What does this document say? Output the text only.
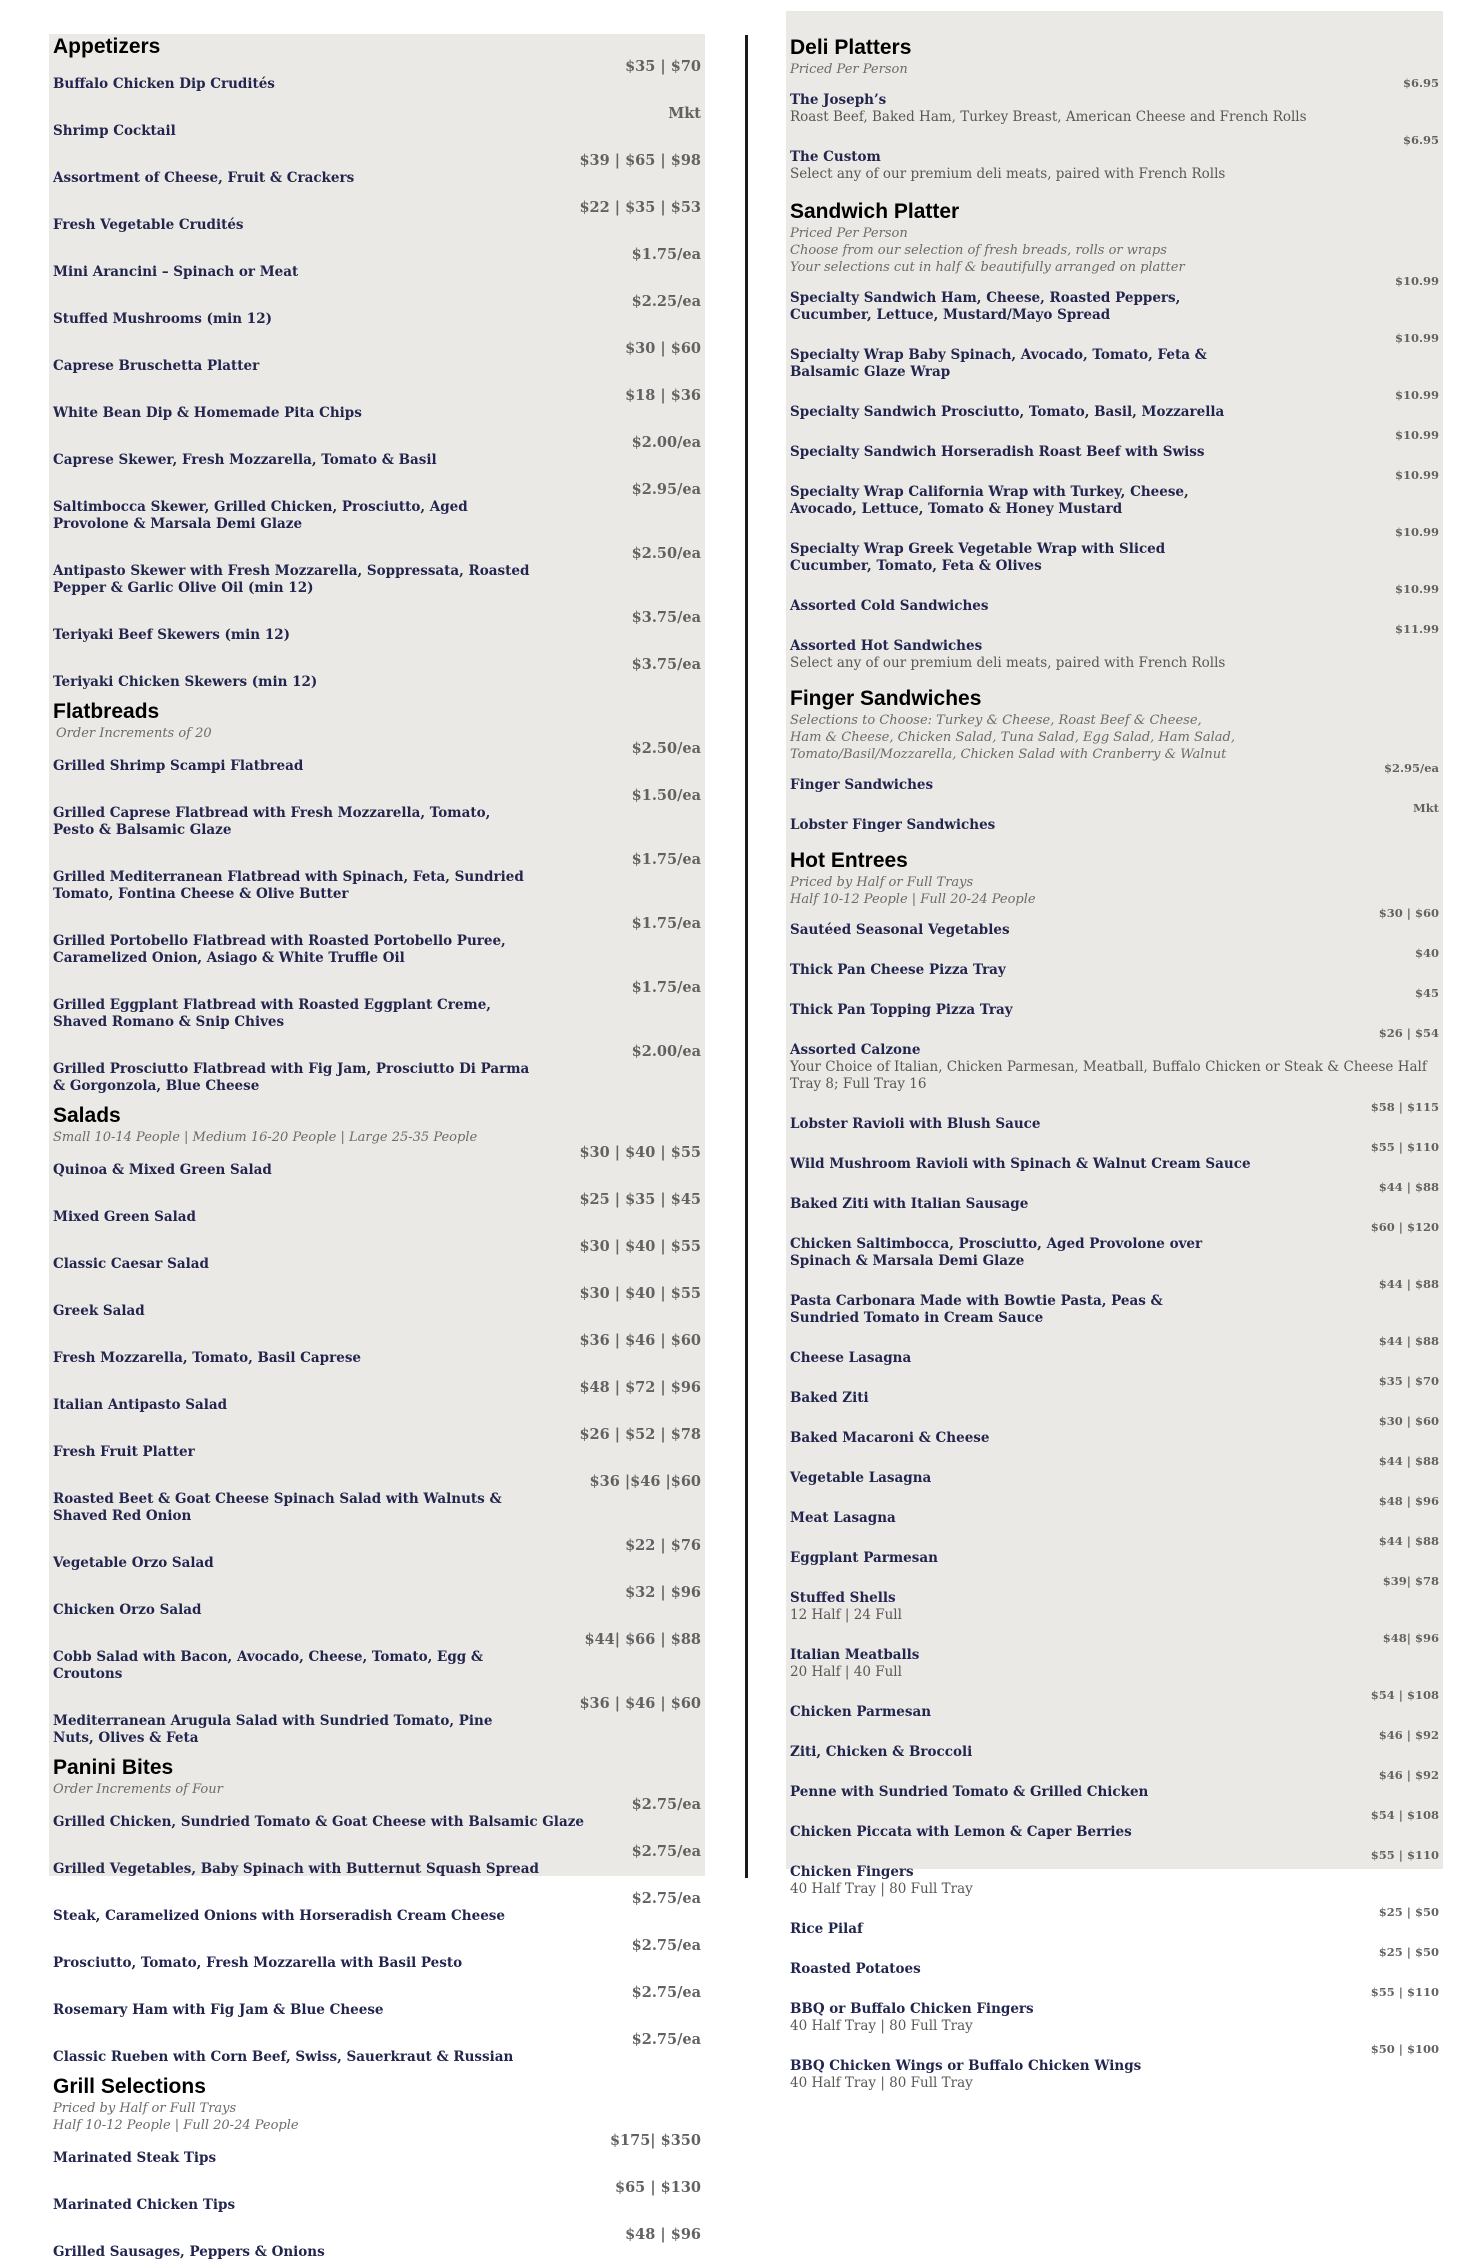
Appetizers
$35 | $70
Buffalo Chicken Dip Crudités
Mkt
Shrimp Cocktail
$39 | $65 | $98
Assortment of Cheese, Fruit & Crackers
$22 | $35 | $53
Fresh Vegetable Crudités
$1.75/ea
Mini Arancini – Spinach or Meat
$2.25/ea
Stuffed Mushrooms (min 12)
$30 | $60
Caprese Bruschetta Platter
$18 | $36
White Bean Dip & Homemade Pita Chips
$2.00/ea
Caprese Skewer, Fresh Mozzarella, Tomato & Basil
$2.95/ea
Saltimbocca Skewer, Grilled Chicken, Prosciutto, Aged Provolone & Marsala Demi Glaze
$2.50/ea
Antipasto Skewer with Fresh Mozzarella, Soppressata, Roasted Pepper & Garlic Olive Oil (min 12)
$3.75/ea
Teriyaki Beef Skewers (min 12)
$3.75/ea
Teriyaki Chicken Skewers (min 12)
Flatbreads
Order Increments of 20
$2.50/ea
Grilled Shrimp Scampi Flatbread
$1.50/ea
Grilled Caprese Flatbread with Fresh Mozzarella, Tomato, Pesto & Balsamic Glaze
$1.75/ea
Grilled Mediterranean Flatbread with Spinach, Feta, Sundried Tomato, Fontina Cheese & Olive Butter
$1.75/ea
Grilled Portobello Flatbread with Roasted Portobello Puree, Caramelized Onion, Asiago & White Truffle Oil
$1.75/ea
Grilled Eggplant Flatbread with Roasted Eggplant Creme, Shaved Romano & Snip Chives
$2.00/ea
Grilled Prosciutto Flatbread with Fig Jam, Prosciutto Di Parma & Gorgonzola, Blue Cheese
Salads
Small 10-14 People | Medium 16-20 People | Large 25-35 People
$30 | $40 | $55
Quinoa & Mixed Green Salad
$25 | $35 | $45
Mixed Green Salad
$30 | $40 | $55
Classic Caesar Salad
$30 | $40 | $55
Greek Salad
$36 | $46 | $60
Fresh Mozzarella, Tomato, Basil Caprese
$48 | $72 | $96
Italian Antipasto Salad
$26 | $52 | $78
Fresh Fruit Platter
$36 |$46 |$60
Roasted Beet & Goat Cheese Spinach Salad with Walnuts & Shaved Red Onion
$22 | $76
Vegetable Orzo Salad
$32 | $96
Chicken Orzo Salad
$44| $66 | $88
Cobb Salad with Bacon, Avocado, Cheese, Tomato, Egg & Croutons
$36 | $46 | $60
Mediterranean Arugula Salad with Sundried Tomato, Pine Nuts, Olives & Feta
Panini Bites
Order Increments of Four
$2.75/ea
Grilled Chicken, Sundried Tomato & Goat Cheese with Balsamic Glaze
$2.75/ea
Grilled Vegetables, Baby Spinach with Butternut Squash Spread
$2.75/ea
Steak, Caramelized Onions with Horseradish Cream Cheese
$2.75/ea
Prosciutto, Tomato, Fresh Mozzarella with Basil Pesto
$2.75/ea
Rosemary Ham with Fig Jam & Blue Cheese
$2.75/ea
Classic Rueben with Corn Beef, Swiss, Sauerkraut & Russian
Grill Selections
Priced by Half or Full Trays
Half 10-12 People | Full 20-24 People
$175| $350
Marinated Steak Tips
$65 | $130
Marinated Chicken Tips
$48 | $96
Grilled Sausages, Peppers & Onions
Deli Platters
Priced Per Person
$6.95
The Joseph’s
Roast Beef, Baked Ham, Turkey Breast, American Cheese and French Rolls
$6.95
The Custom
Select any of our premium deli meats, paired with French Rolls
Sandwich Platter
Priced Per Person
Choose from our selection of fresh breads, rolls or wraps
Your selections cut in half & beautifully arranged on platter
$10.99
Specialty Sandwich Ham, Cheese, Roasted Peppers, Cucumber, Lettuce, Mustard/Mayo Spread
$10.99
Specialty Wrap Baby Spinach, Avocado, Tomato, Feta & Balsamic Glaze Wrap
$10.99
Specialty Sandwich Prosciutto, Tomato, Basil, Mozzarella
$10.99
Specialty Sandwich Horseradish Roast Beef with Swiss
$10.99
Specialty Wrap California Wrap with Turkey, Cheese, Avocado, Lettuce, Tomato & Honey Mustard
$10.99
Specialty Wrap Greek Vegetable Wrap with Sliced Cucumber, Tomato, Feta & Olives
$10.99
Assorted Cold Sandwiches
$11.99
Assorted Hot Sandwiches
Select any of our premium deli meats, paired with French Rolls
Finger Sandwiches
Selections to Choose: Turkey & Cheese, Roast Beef & Cheese,
Ham & Cheese, Chicken Salad, Tuna Salad, Egg Salad, Ham Salad,
Tomato/Basil/Mozzarella, Chicken Salad with Cranberry & Walnut
$2.95/ea
Finger Sandwiches
Mkt
Lobster Finger Sandwiches
Hot Entrees
Priced by Half or Full Trays
Half 10-12 People | Full 20-24 People
$30 | $60
Sautéed Seasonal Vegetables
$40
Thick Pan Cheese Pizza Tray
$45
Thick Pan Topping Pizza Tray
$26 | $54
Assorted Calzone
Your Choice of Italian, Chicken Parmesan, Meatball, Buffalo Chicken or Steak & Cheese Half Tray 8; Full Tray 16
$58 | $115
Lobster Ravioli with Blush Sauce
$55 | $110
Wild Mushroom Ravioli with Spinach & Walnut Cream Sauce
$44 | $88
Baked Ziti with Italian Sausage
$60 | $120
Chicken Saltimbocca, Prosciutto, Aged Provolone over Spinach & Marsala Demi Glaze
$44 | $88
Pasta Carbonara Made with Bowtie Pasta, Peas & Sundried Tomato in Cream Sauce
$44 | $88
Cheese Lasagna
$35 | $70
Baked Ziti
$30 | $60
Baked Macaroni & Cheese
$44 | $88
Vegetable Lasagna
$48 | $96
Meat Lasagna
$44 | $88
Eggplant Parmesan
$39| $78
Stuffed Shells
12 Half | 24 Full
$48| $96
Italian Meatballs
20 Half | 40 Full
$54 | $108
Chicken Parmesan
$46 | $92
Ziti, Chicken & Broccoli
$46 | $92
Penne with Sundried Tomato & Grilled Chicken
$54 | $108
Chicken Piccata with Lemon & Caper Berries
$55 | $110
Chicken Fingers
40 Half Tray | 80 Full Tray
$25 | $50
Rice Pilaf
$25 | $50
Roasted Potatoes
$55 | $110
BBQ or Buffalo Chicken Fingers
40 Half Tray | 80 Full Tray
$50 | $100
BBQ Chicken Wings or Buffalo Chicken Wings
40 Half Tray | 80 Full Tray
